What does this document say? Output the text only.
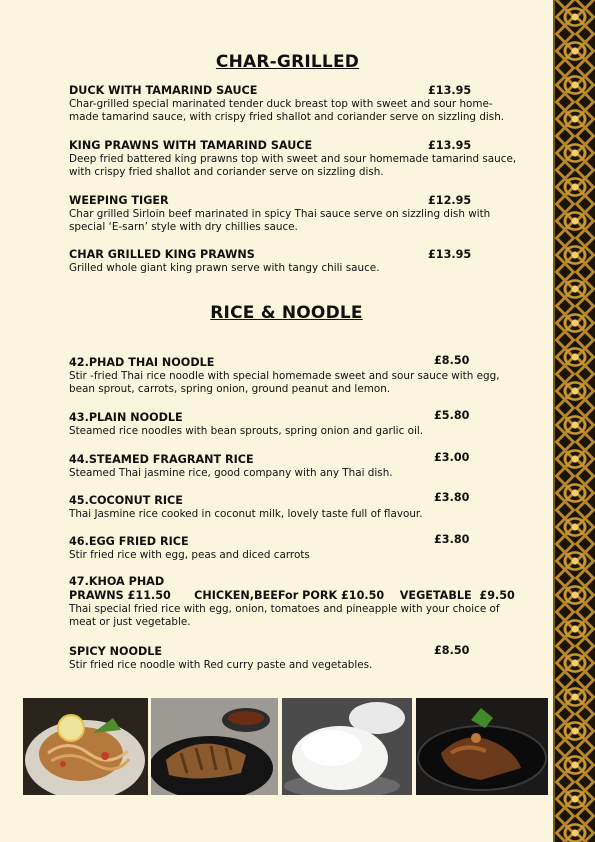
CHAR-GRILLED
DUCK WITH TAMARIND SAUCE	£13.95
Char-grilled special marinated tender duck breast top with sweet and sour home-made tamarind sauce, with crispy fried shallot and coriander serve on sizzling dish.
KING PRAWNS WITH TAMARIND SAUCE	£13.95
Deep fried battered king prawns top with sweet and sour homemade tamarind sauce, with crispy fried shallot and coriander serve on sizzling dish.
WEEPING TIGER	£12.95
Char grilled Sirloin beef marinated in spicy Thai sauce serve on sizzling dish with special ‘E-sarn’ style with dry chillies sauce.
CHAR GRILLED KING PRAWNS	£13.95
Grilled whole giant king prawn serve with tangy chili sauce.
RICE & NOODLE
42.PHAD THAI NOODLE	£8.50
Stir -fried Thai rice noodle with special homemade sweet and sour sauce with egg, bean sprout, carrots, spring onion, ground peanut and lemon.
43.PLAIN NOODLE	£5.80
Steamed rice noodles with bean sprouts, spring onion and garlic oil.
44.STEAMED FRAGRANT RICE	£3.00
Steamed Thai jasmine rice, good company with any Thai dish.
45.COCONUT RICE	£3.80
Thai Jasmine rice cooked in coconut milk, lovely taste full of flavour.
46.EGG FRIED RICE	£3.80
Stir fried rice with egg, peas and diced carrots
47.KHOA PHAD
PRAWNS £11.50      CHICKEN,BEEFor PORK £10.50    VEGETABLE  £9.50
Thai special fried rice with egg, onion, tomatoes and pineapple with your choice of meat or just vegetable.
SPICY NOODLE	£8.50
Stir fried rice noodle with Red curry paste and vegetables.
